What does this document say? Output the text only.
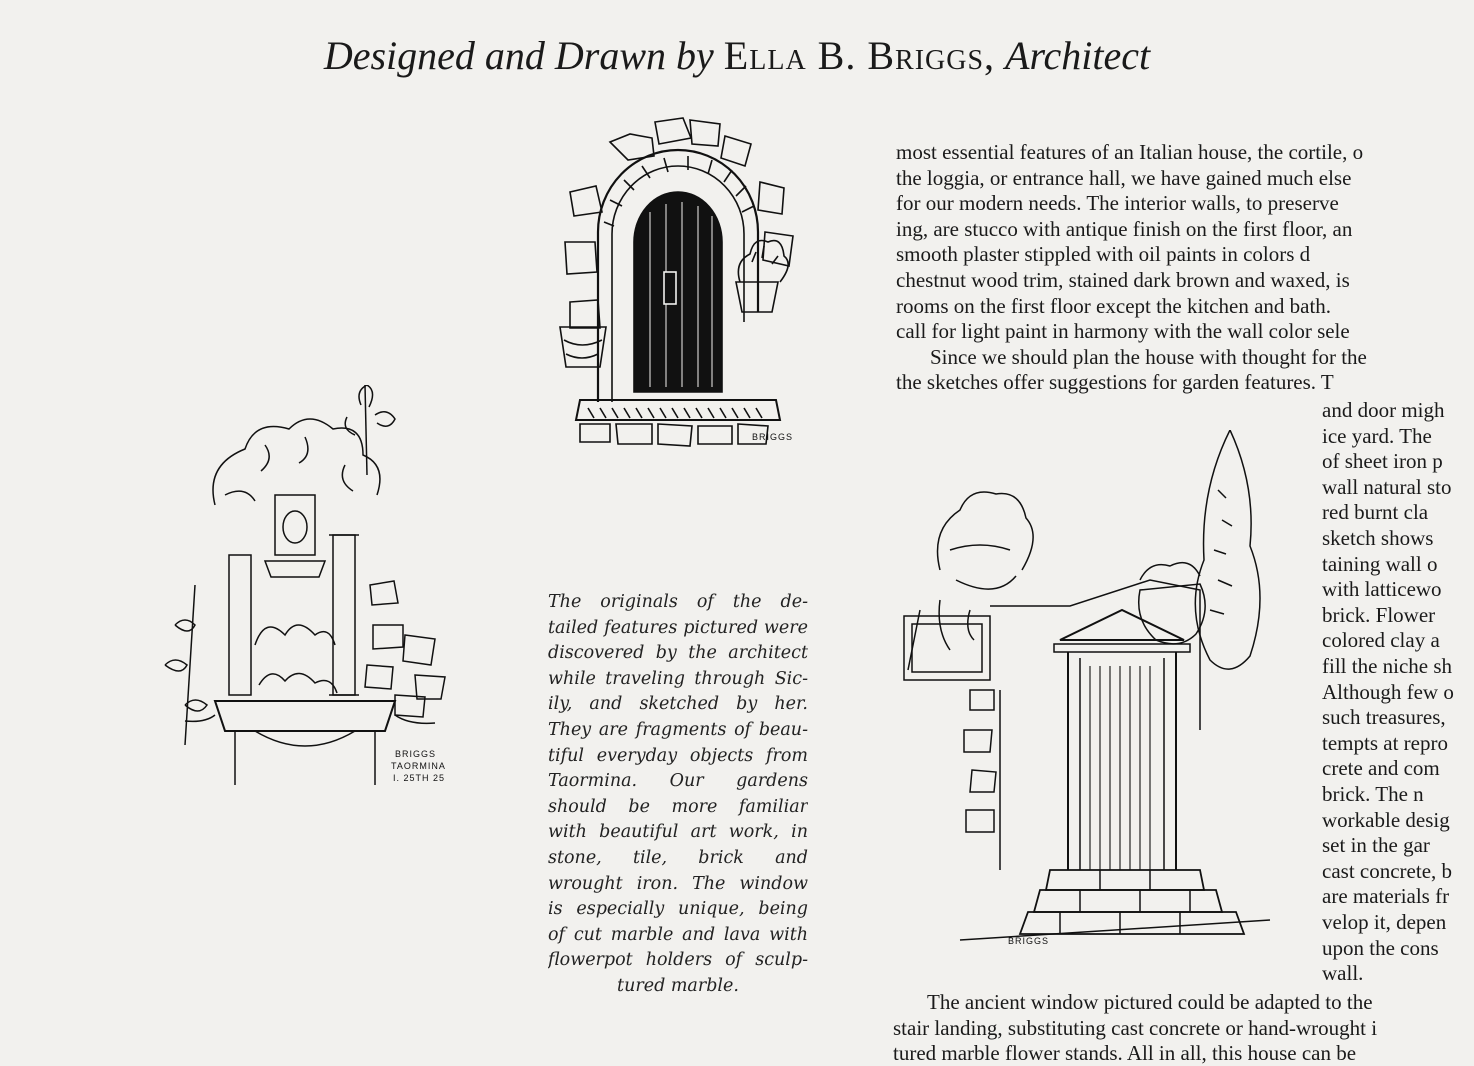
Designed and Drawn by Ella B. Briggs, Architect
The originals of the de-
tailed features pictured were
discovered by the architect
while traveling through Sic-
ily, and sketched by her.
They are fragments of beau-
tiful everyday objects from
Taormina. Our gardens
should be more familiar
with beautiful art work, in
stone, tile, brick and
wrought iron. The window
is especially unique, being
of cut marble and lava with
flowerpot holders of sculp-
tured marble.
most essential features of an Italian house, the cortile, o
the loggia, or entrance hall, we have gained much else
for our modern needs. The interior walls, to preserve
ing, are stucco with antique finish on the first floor, an
smooth plaster stippled with oil paints in colors d
chestnut wood trim, stained dark brown and waxed, is
rooms on the first floor except the kitchen and bath.
call for light paint in harmony with the wall color sele
Since we should plan the house with thought for the
the sketches offer suggestions for garden features. T
and door migh
ice yard. The
of sheet iron p
wall natural sto
red burnt cla
sketch shows
taining wall o
with latticewo
brick. Flower
colored clay a
fill the niche sh
Although few o
such treasures,
tempts at repro
crete and com
brick. The n
workable desig
set in the gar
cast concrete, b
are materials fr
velop it, depen
upon the cons
wall.
The ancient window pictured could be adapted to the
stair landing, substituting cast concrete or hand-wrought i
tured marble flower stands. All in all, this house can be
BRIGGS
BRIGGS
TAORMINA
I. 25TH 25
BRIGGS
